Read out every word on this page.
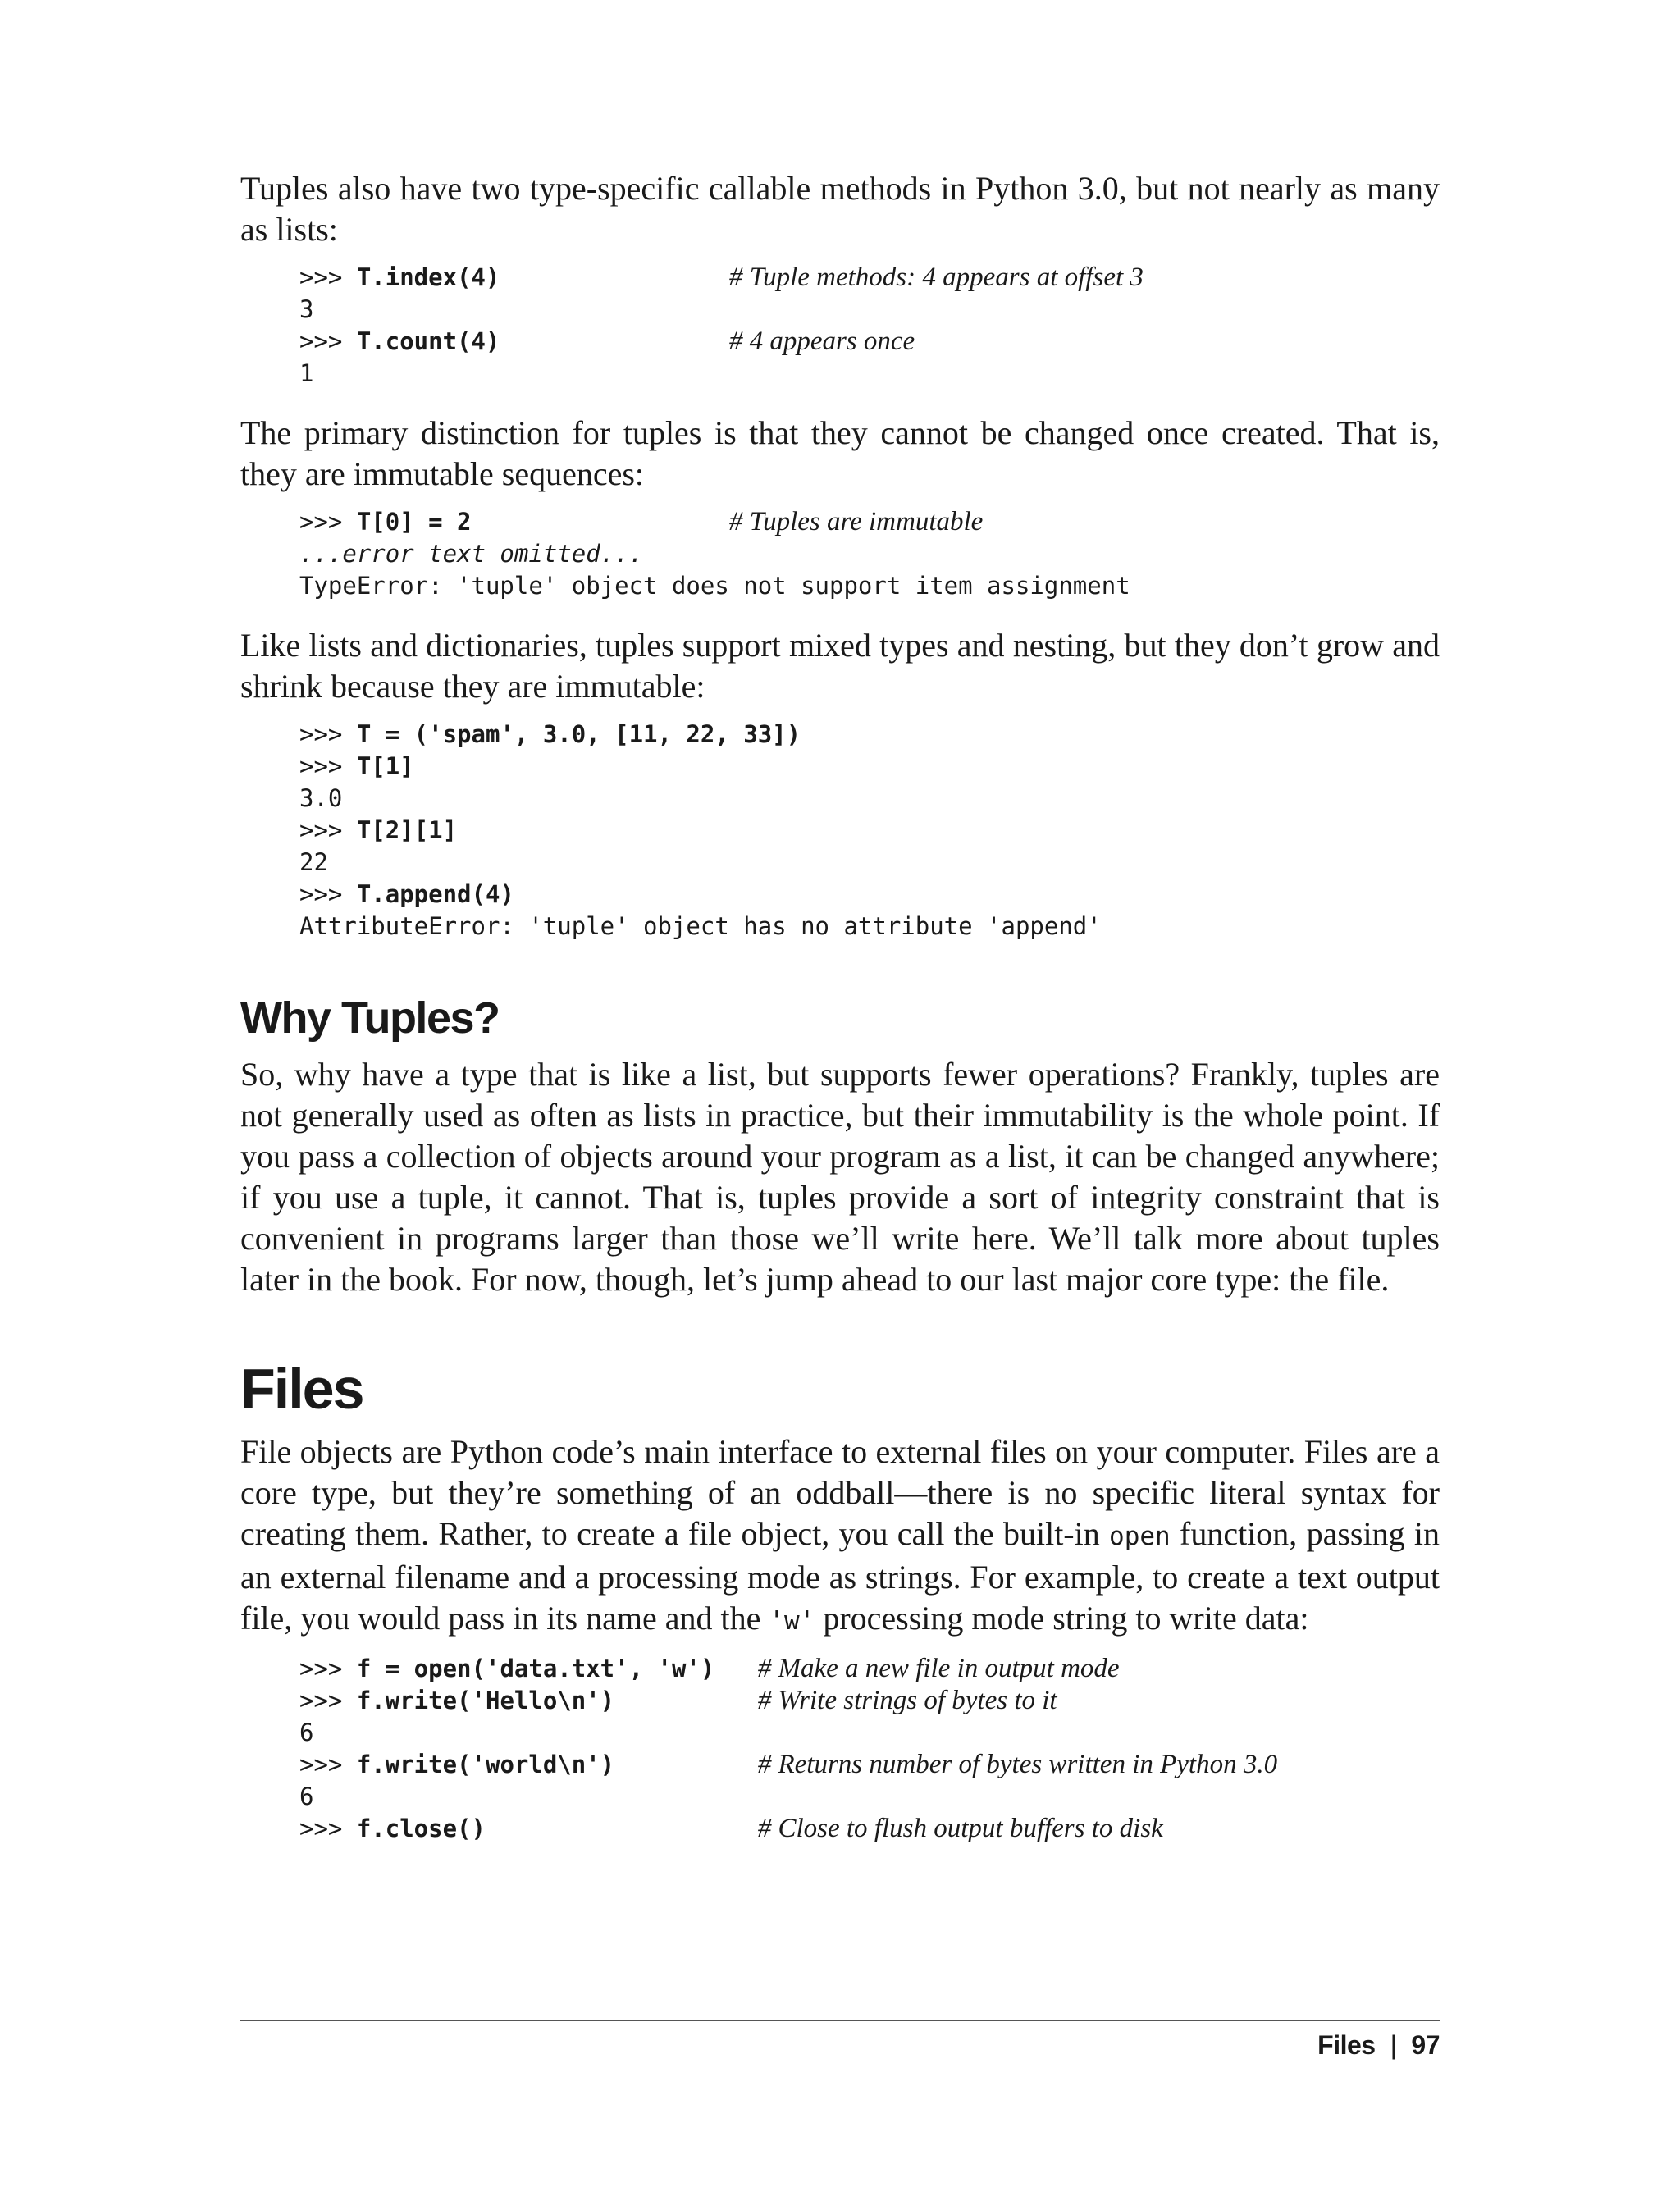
Tuples also have two type-specific callable methods in Python 3.0, but not nearly as many as lists:

>>> T.index(4)	# Tuple methods: 4 appears at offset 3
3
>>> T.count(4)	# 4 appears once
1

The primary distinction for tuples is that they cannot be changed once created. That is, they are immutable sequences:

>>> T[0] = 2	# Tuples are immutable
...error text omitted...
TypeError: 'tuple' object does not support item assignment

Like lists and dictionaries, tuples support mixed types and nesting, but they don’t grow and shrink because they are immutable:

>>> T = ('spam', 3.0, [11, 22, 33])
>>> T[1]
3.0
>>> T[2][1]
22
>>> T.append(4)
AttributeError: 'tuple' object has no attribute 'append'
Why Tuples?

So, why have a type that is like a list, but supports fewer operations? Frankly, tuples are not generally used as often as lists in practice, but their immutability is the whole point. If you pass a collection of objects around your program as a list, it can be changed anywhere; if you use a tuple, it cannot. That is, tuples provide a sort of integrity constraint that is convenient in programs larger than those we’ll write here. We’ll talk more about tuples later in the book. For now, though, let’s jump ahead to our last major core type: the file.

Files

File objects are Python code’s main interface to external files on your computer. Files are a core type, but they’re something of an oddball—there is no specific literal syntax for creating them. Rather, to create a file object, you call the built-in open function, passing in an external filename and a processing mode as strings. For example, to create a text output file, you would pass in its name and the 'w' processing mode string to write data:

>>> f = open('data.txt', 'w') # Make a new file in output mode
>>> f.write('Hello\n')	# Write strings of bytes to it
6
>>> f.write('world\n')	# Returns number of bytes written in Python 3.0
6
>>> f.close()	# Close to flush output buffers to disk
Files | 97
